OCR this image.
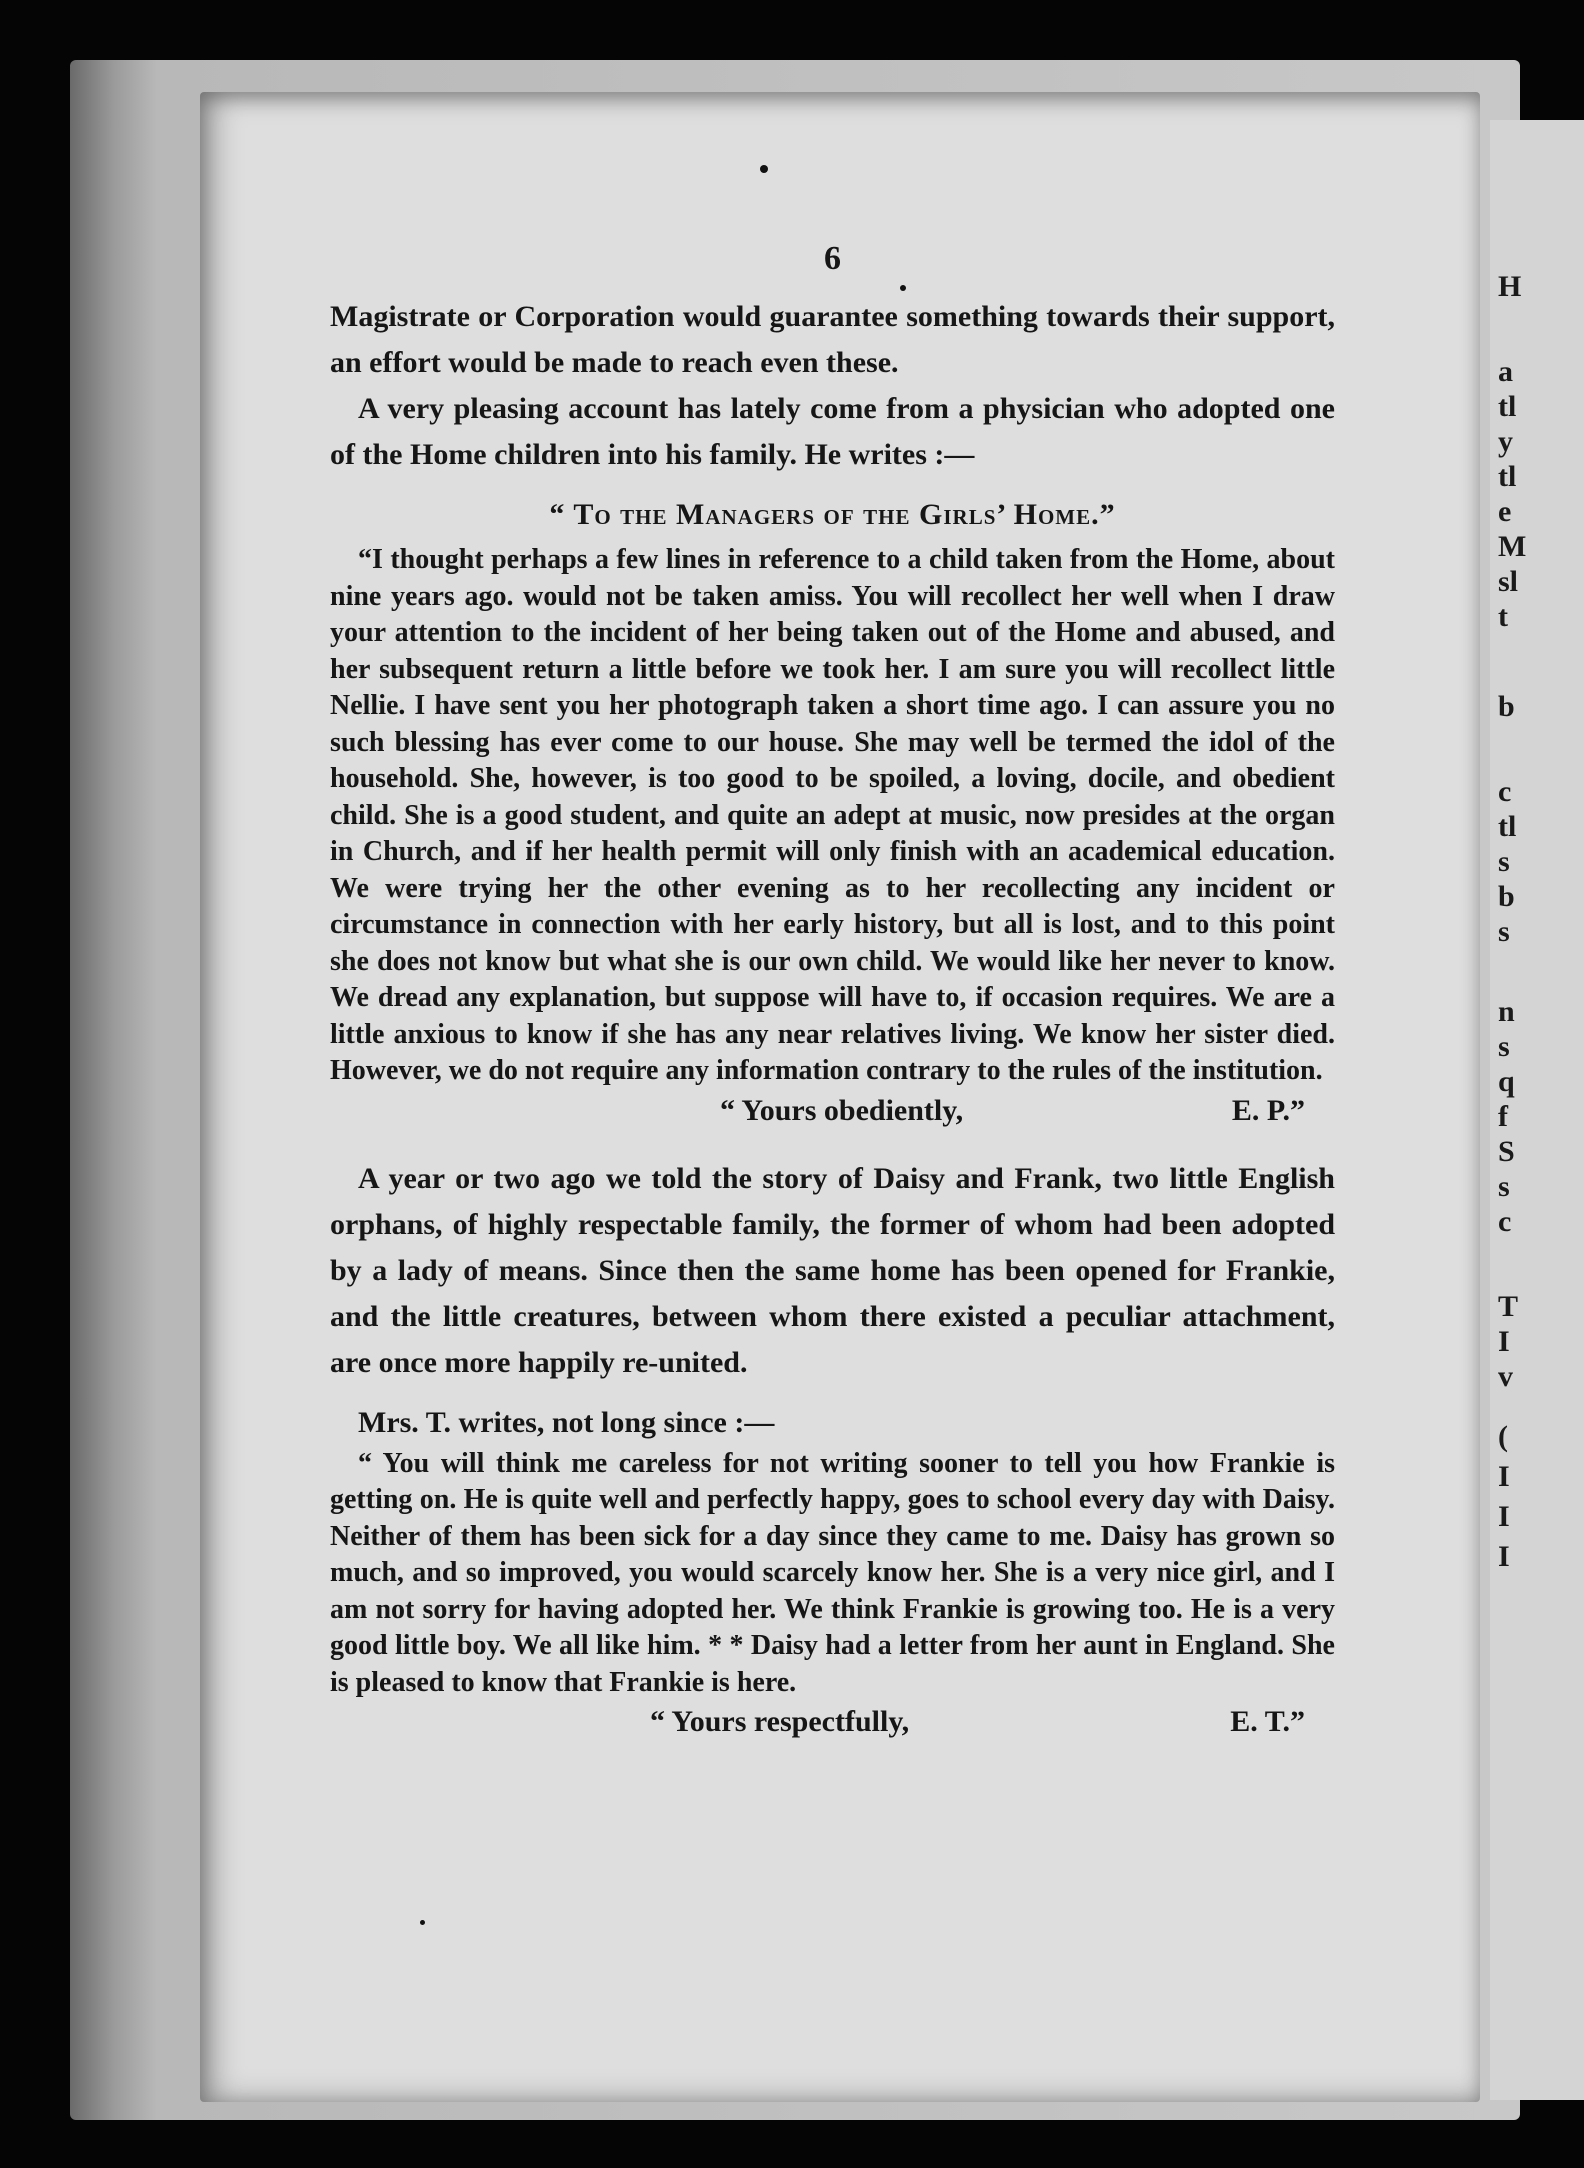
H
a
tl
y
tl
e
M
sl
t
b
c
tl
s
b
s
n
s
q
f
S
s
c
T
I
v
(
I
I
I
6

Magistrate or Corporation would guarantee something towards their support, an effort would be made to reach even these.

A very pleasing account has lately come from a physician who adopted one of the Home children into his family. He writes :—

“ To the Managers of the Girls’ Home.”

“I thought perhaps a few lines in reference to a child taken from the Home, about nine years ago. would not be taken amiss. You will recollect her well when I draw your attention to the incident of her being taken out of the Home and abused, and her subsequent return a little before we took her. I am sure you will recollect little Nellie. I have sent you her photograph taken a short time ago. I can assure you no such blessing has ever come to our house. She may well be termed the idol of the household. She, however, is too good to be spoiled, a loving, docile, and obedient child. She is a good student, and quite an adept at music, now presides at the organ in Church, and if her health permit will only finish with an academical education. We were trying her the other evening as to her recollecting any incident or circumstance in connection with her early history, but all is lost, and to this point she does not know but what she is our own child. We would like her never to know. We dread any explanation, but suppose will have to, if occasion requires. We are a little anxious to know if she has any near relatives living. We know her sister died. However, we do not require any information contrary to the rules of the institution.

“ Yours obediently,	E. P.”

A year or two ago we told the story of Daisy and Frank, two little English orphans, of highly respectable family, the former of whom had been adopted by a lady of means. Since then the same home has been opened for Frankie, and the little creatures, between whom there existed a peculiar attachment, are once more happily re-united.

Mrs. T. writes, not long since :—

“ You will think me careless for not writing sooner to tell you how Frankie is getting on. He is quite well and perfectly happy, goes to school every day with Daisy. Neither of them has been sick for a day since they came to me. Daisy has grown so much, and so improved, you would scarcely know her. She is a very nice girl, and I am not sorry for having adopted her. We think Frankie is growing too. He is a very good little boy. We all like him. * * Daisy had a letter from her aunt in England. She is pleased to know that Frankie is here.

“ Yours respectfully,	E. T.”
